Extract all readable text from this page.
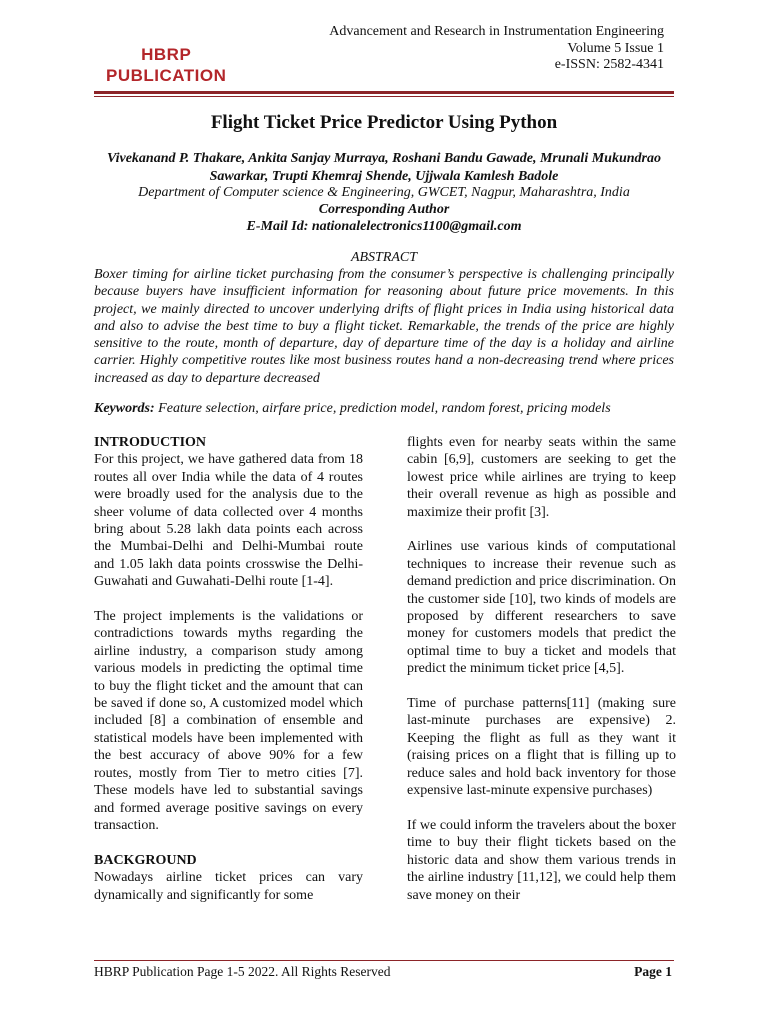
HBRP
PUBLICATION
Advancement and Research in Instrumentation Engineering
Volume 5 Issue 1
e-ISSN: 2582-4341
Flight Ticket Price Predictor Using Python
Vivekanand P. Thakare, Ankita Sanjay Murraya, Roshani Bandu Gawade, Mrunali Mukundrao Sawarkar, Trupti Khemraj Shende, Ujjwala Kamlesh Badole
Department of Computer science & Engineering, GWCET, Nagpur, Maharashtra, India
Corresponding Author
E-Mail Id: nationalelectronics1100@gmail.com
ABSTRACT
Boxer timing for airline ticket purchasing from the consumer’s perspective is challenging principally because buyers have insufficient information for reasoning about future price movements. In this project, we mainly directed to uncover underlying drifts of flight prices in India using historical data and also to advise the best time to buy a flight ticket. Remarkable, the trends of the price are highly sensitive to the route, month of departure, day of departure time of the day is a holiday and airline carrier. Highly competitive routes like most business routes hand a non-decreasing trend where prices increased as day to departure decreased
Keywords: Feature selection, airfare price, prediction model, random forest, pricing models
INTRODUCTION

For this project, we have gathered data from 18 routes all over India while the data of 4 routes were broadly used for the analysis due to the sheer volume of data collected over 4 months bring about 5.28 lakh data points each across the Mumbai-Delhi and Delhi-Mumbai route and 1.05 lakh data points crosswise the Delhi-Guwahati and Guwahati-Delhi route [1-4].

The project implements is the validations or contradictions towards myths regarding the airline industry, a comparison study among various models in predicting the optimal time to buy the flight ticket and the amount that can be saved if done so, A customized model which included [8] a combination of ensemble and statistical models have been implemented with the best accuracy of above 90% for a few routes, mostly from Tier to metro cities [7]. These models have led to substantial savings and formed average positive savings on every transaction.

BACKGROUND

Nowadays airline ticket prices can vary dynamically and significantly for some

flights even for nearby seats within the same cabin [6,9], customers are seeking to get the lowest price while airlines are trying to keep their overall revenue as high as possible and maximize their profit [3].

Airlines use various kinds of computational techniques to increase their revenue such as demand prediction and price discrimination. On the customer side [10], two kinds of models are proposed by different researchers to save money for customers models that predict the optimal time to buy a ticket and models that predict the minimum ticket price [4,5].

Time of purchase patterns[11] (making sure last-minute purchases are expensive) 2. Keeping the flight as full as they want it (raising prices on a flight that is filling up to reduce sales and hold back inventory for those expensive last-minute expensive purchases)

If we could inform the travelers about the boxer time to buy their flight tickets based on the historic data and show them various trends in the airline industry [11,12], we could help them save money on their

HBRP Publication Page 1-5 2022. All Rights Reserved	Page 1
